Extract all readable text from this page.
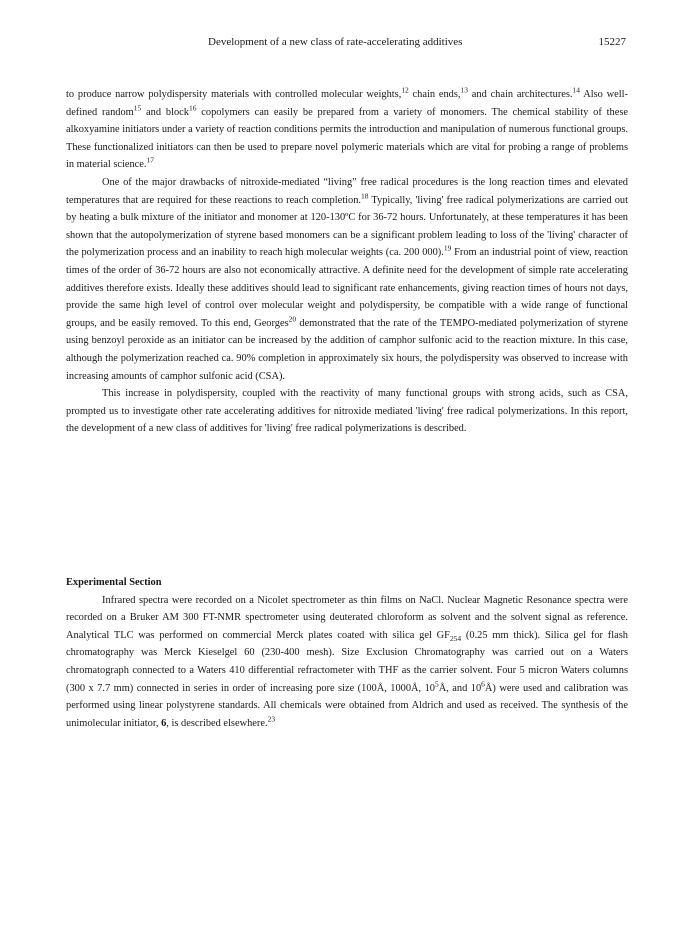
Development of a new class of rate-accelerating additives	15227

to produce narrow polydispersity materials with controlled molecular weights,$^{12}$ chain ends,$^{13}$ and chain architectures.$^{14}$ Also well-defined random$^{15}$ and block$^{16}$ copolymers can easily be prepared from a variety of monomers. The chemical stability of these alkoxyamine initiators under a variety of reaction conditions permits the introduction and manipulation of numerous functional groups. These functionalized initiators can then be used to prepare novel polymeric materials which are vital for probing a range of problems in material science.$^{17}$

One of the major drawbacks of nitroxide-mediated “living” free radical procedures is the long reaction times and elevated temperatures that are required for these reactions to reach completion.$^{18}$ Typically, 'living' free radical polymerizations are carried out by heating a bulk mixture of the initiator and monomer at 120-130ºC for 36-72 hours. Unfortunately, at these temperatures it has been shown that the autopolymerization of styrene based monomers can be a significant problem leading to loss of the 'living' character of the polymerization process and an inability to reach high molecular weights (ca. 200 000).$^{19}$ From an industrial point of view, reaction times of the order of 36-72 hours are also not economically attractive. A definite need for the development of simple rate accelerating additives therefore exists. Ideally these additives should lead to significant rate enhancements, giving reaction times of hours not days, provide the same high level of control over molecular weight and polydispersity, be compatible with a wide range of functional groups, and be easily removed. To this end, Georges$^{20}$ demonstrated that the rate of the TEMPO-mediated polymerization of styrene using benzoyl peroxide as an initiator can be increased by the addition of camphor sulfonic acid to the reaction mixture. In this case, although the polymerization reached ca. 90% completion in approximately six hours, the polydispersity was observed to increase with increasing amounts of camphor sulfonic acid (CSA).

This increase in polydispersity, coupled with the reactivity of many functional groups with strong acids, such as CSA, prompted us to investigate other rate accelerating additives for nitroxide mediated 'living' free radical polymerizations. In this report, the development of a new class of additives for 'living' free radical polymerizations is described.

Experimental Section

Infrared spectra were recorded on a Nicolet spectrometer as thin films on NaCl. Nuclear Magnetic Resonance spectra were recorded on a Bruker AM 300 FT-NMR spectrometer using deuterated chloroform as solvent and the solvent signal as reference. Analytical TLC was performed on commercial Merck plates coated with silica gel $GF_{254}$ (0.25 mm thick). Silica gel for flash chromatography was Merck Kieselgel 60 (230-400 mesh). Size Exclusion Chromatography was carried out on a Waters chromatograph connected to a Waters 410 differential refractometer with THF as the carrier solvent. Four 5 micron Waters columns (300 x 7.7 mm) connected in series in order of increasing pore size (100Å, 1000Å, $10^5Å$, and $10^6Å$) were used and calibration was performed using linear polystyrene standards. All chemicals were obtained from Aldrich and used as received. The synthesis of the unimolecular initiator, 6, is described elsewhere.$^{23}$
